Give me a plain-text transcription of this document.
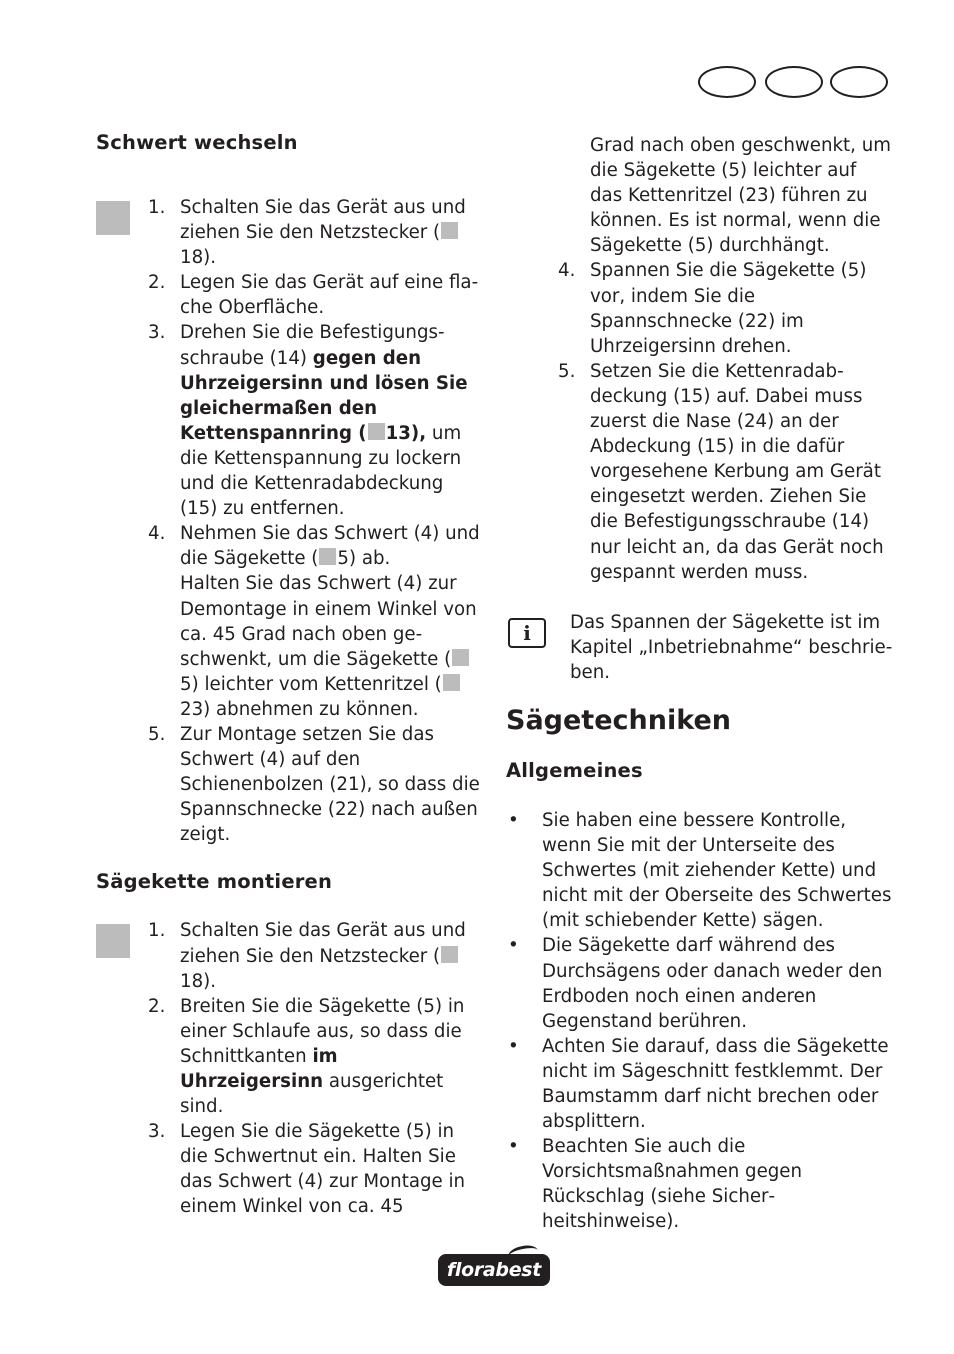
Schwert wechseln
1. Schalten Sie das Gerät aus und ziehen Sie den Netzstecker (18).
2. Legen Sie das Gerät auf eine flache Oberfläche.
3. Drehen Sie die Befestigungsschraube (14) gegen den Uhrzeigersinn und lösen Sie gleichermaßen den Kettenspannring ( 13), um die Kettenspannung zu lockern und die Kettenradabdeckung (15) zu entfernen.
4. Nehmen Sie das Schwert (4) und die Sägekette ( 5) ab.
Halten Sie das Schwert (4) zur Demontage in einem Winkel von ca. 45 Grad nach oben geschwenkt, um die Sägekette ( 5) leichter vom Kettenritzel (23) abnehmen zu können.
5. Zur Montage setzen Sie das Schwert (4) auf den Schienenbolzen (21), so dass die Spannschnecke (22) nach außen zeigt.
Sägekette montieren
1. Schalten Sie das Gerät aus und ziehen Sie den Netzstecker ( 18).
2. Breiten Sie die Sägekette (5) in einer Schlaufe aus, so dass die Schnittkanten im Uhrzeigersinn ausgerichtet sind.
3. Legen Sie die Sägekette (5) in die Schwertnut ein. Halten Sie das Schwert (4) zur Montage in einem Winkel von ca. 45
Grad nach oben geschwenkt, um die Sägekette (5) leichter auf das Kettenritzel (23) führen zu können. Es ist normal, wenn die Sägekette (5) durchhängt.
4. Spannen Sie die Sägekette (5) vor, indem Sie die Spannschnecke (22) im Uhrzeigersinn drehen.
5. Setzen Sie die Kettenradabdeckung (15) auf. Dabei muss zuerst die Nase (24) an der Abdeckung (15) in die dafür vorgesehene Kerbung am Gerät eingesetzt werden. Ziehen Sie die Befestigungsschraube (14) nur leicht an, da das Gerät noch gespannt werden muss.
i	Das Spannen der Sägekette ist im Kapitel „Inbetriebnahme“ beschrieben.
Sägetechniken
Allgemeines
• Sie haben eine bessere Kontrolle, wenn Sie mit der Unterseite des Schwertes (mit ziehender Kette) und nicht mit der Oberseite des Schwertes (mit schiebender Kette) sägen.
• Die Sägekette darf während des Durchsägens oder danach weder den Erdboden noch einen anderen Gegenstand berühren.
• Achten Sie darauf, dass die Sägekette nicht im Sägeschnitt festklemmt. Der Baumstamm darf nicht brechen oder absplittern.
• Beachten Sie auch die Vorsichtsmaßnahmen gegen Rückschlag (siehe Sicherheitshinweise).
florabest
